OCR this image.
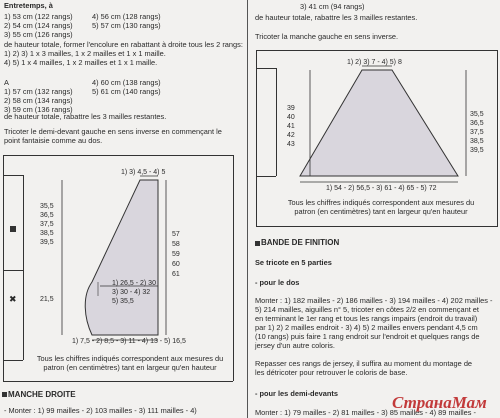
Entretemps, à
1) 53 cm (122 rangs)	4) 56 cm (128 rangs)
2) 54 cm (124 rangs)	5) 57 cm (130 rangs)
3) 55 cm (126 rangs)
de hauteur totale, former l'encolure en rabattant à droite tous les 2 rangs:
1) 2) 3) 1 x 3 mailles, 1 x 2 mailles et 1 x 1 maille.
4) 5) 1 x 4 mailles, 1 x 2 mailles et 1 x 1 maille.
A
1) 57 cm (132 rangs)
4) 60 cm (138 rangs)
2) 58 cm (134 rangs)
5) 61 cm (140 rangs)
3) 59 cm (136 rangs)
de hauteur totale, rabattre les 3 mailles restantes.
Tricoter le demi-devant gauche en sens inverse en commençant le
point fantaisie comme au dos.
✖
1) 3) 4,5 - 4) 5
35,5
36,5
37,5
38,5
39,5
21,5
57
58
59
60
61
1) 26,5 - 2) 30
3) 30 - 4) 32
5) 35,5
1) 7,5 - 2) 8,5 - 3) 11 - 4) 13 - 5) 16,5
Tous les chiffres indiqués correspondent aux mesures du
patron (en centimètres) tant en largeur qu'en hauteur
MANCHE DROITE
- Monter : 1) 99 mailles - 2) 103 mailles - 3) 111 mailles - 4)
3) 41 cm (94 rangs)
de hauteur totale, rabattre les 3 mailles restantes.
Tricoter la manche gauche en sens inverse.
1) 2) 3) 7 - 4) 5) 8
39
40
41
42
43
35,5
36,5
37,5
38,5
39,5
1) 54 - 2) 56,5 - 3) 61 - 4) 65 - 5) 72
Tous les chiffres indiqués correspondent aux mesures du
patron (en centimètres) tant en largeur qu'en hauteur
BANDE DE FINITION
Se tricote en 5 parties
- pour le dos
Monter : 1) 182 mailles - 2) 186 mailles - 3) 194 mailles - 4) 202 mailles -
5) 214 mailles, aiguilles n° 5, tricoter en côtes 2/2 en commençant et
en terminant le 1er rang et tous les rangs impairs (endroit du travail)
par 1) 2) 2 mailles endroit - 3) 4) 5) 2 mailles envers pendant 4,5 cm
(10 rangs) puis faire 1 rang endroit sur l'endroit et quelques rangs de
jersey d'un autre coloris.
Repasser ces rangs de jersey, il suffira au moment du montage de
les détricoter pour retrouver le coloris de base.
- pour les demi-devants
Monter : 1) 79 mailles - 2) 81 mailles - 3) 85 mailles - 4) 89 mailles -
СтранаМам
